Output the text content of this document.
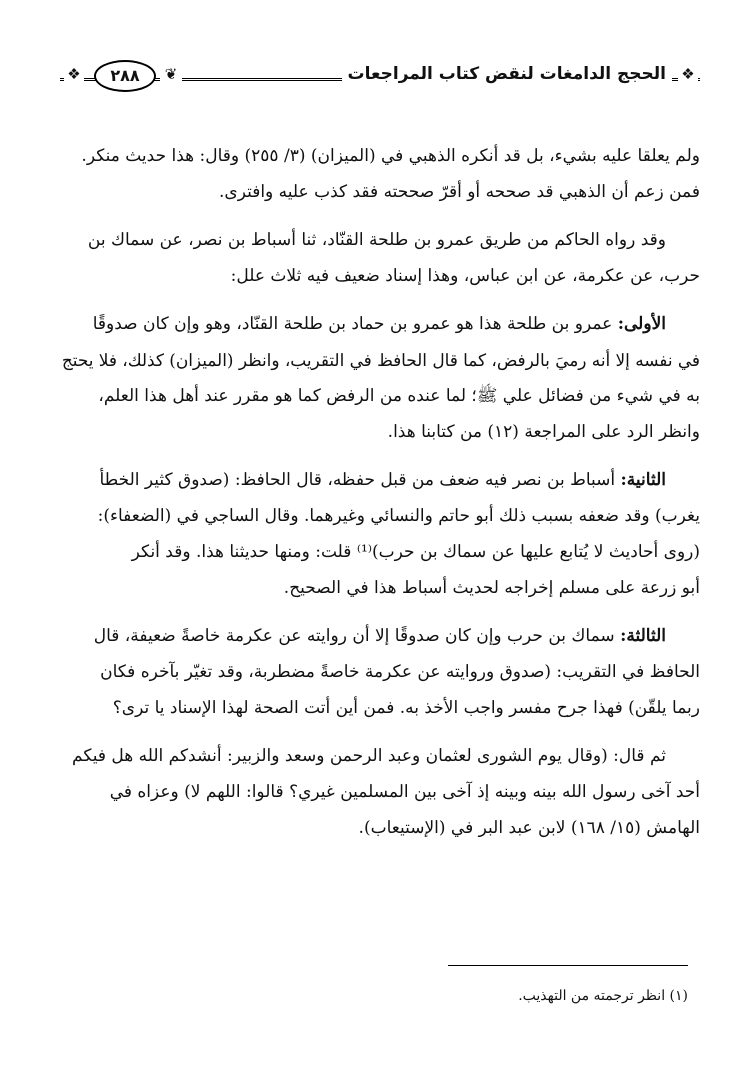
❖
الحجج الدامغات لنقض كتاب المراجعات
❦
٢٨٨
❖

ولم يعلقا عليه بشيء، بل قد أنكره الذهبي في (الميزان) (٣/ ٢٥٥) وقال: هذا حديث منكر.
فمن زعم أن الذهبي قد صححه أو أقرّ صححته فقد كذب عليه وافترى.

وقد رواه الحاكم من طريق عمرو بن طلحة القنّاد، ثنا أسباط بن نصر، عن سماك بن
حرب، عن عكرمة، عن ابن عباس، وهذا إسناد ضعيف فيه ثلاث علل:

الأولى: عمرو بن طلحة هذا هو عمرو بن حماد بن طلحة القنّاد، وهو وإن كان صدوقًا
في نفسه إلا أنه رميَ بالرفض، كما قال الحافظ في التقريب، وانظر (الميزان) كذلك، فلا يحتج
به في شيء من فضائل علي ﷺ؛ لما عنده من الرفض كما هو مقرر عند أهل هذا العلم،
وانظر الرد على المراجعة (١٢) من كتابنا هذا.

الثانية: أسباط بن نصر فيه ضعف من قبل حفظه، قال الحافظ: (صدوق كثير الخطأ
يغرب) وقد ضعفه بسبب ذلك أبو حاتم والنسائي وغيرهما. وقال الساجي في (الضعفاء):
(روى أحاديث لا يُتابع عليها عن سماك بن حرب)⁽¹⁾ قلت: ومنها حديثنا هذا. وقد أنكر
أبو زرعة على مسلم إخراجه لحديث أسباط هذا في الصحيح.

الثالثة: سماك بن حرب وإن كان صدوقًا إلا أن روايته عن عكرمة خاصةً ضعيفة، قال
الحافظ في التقريب: (صدوق وروايته عن عكرمة خاصةً مضطربة، وقد تغيّر بآخره فكان
ربما يلقّن) فهذا جرح مفسر واجب الأخذ به. فمن أين أتت الصحة لهذا الإسناد يا ترى؟

ثم قال: (وقال يوم الشورى لعثمان وعبد الرحمن وسعد والزبير: أنشدكم الله هل فيكم
أحد آخى رسول الله بينه وبينه إذ آخى بين المسلمين غيري؟ قالوا: اللهم لا) وعزاه في
الهامش (١٥/ ١٦٨) لابن عبد البر في (الإستيعاب).

(١) انظر ترجمته من التهذيب.
